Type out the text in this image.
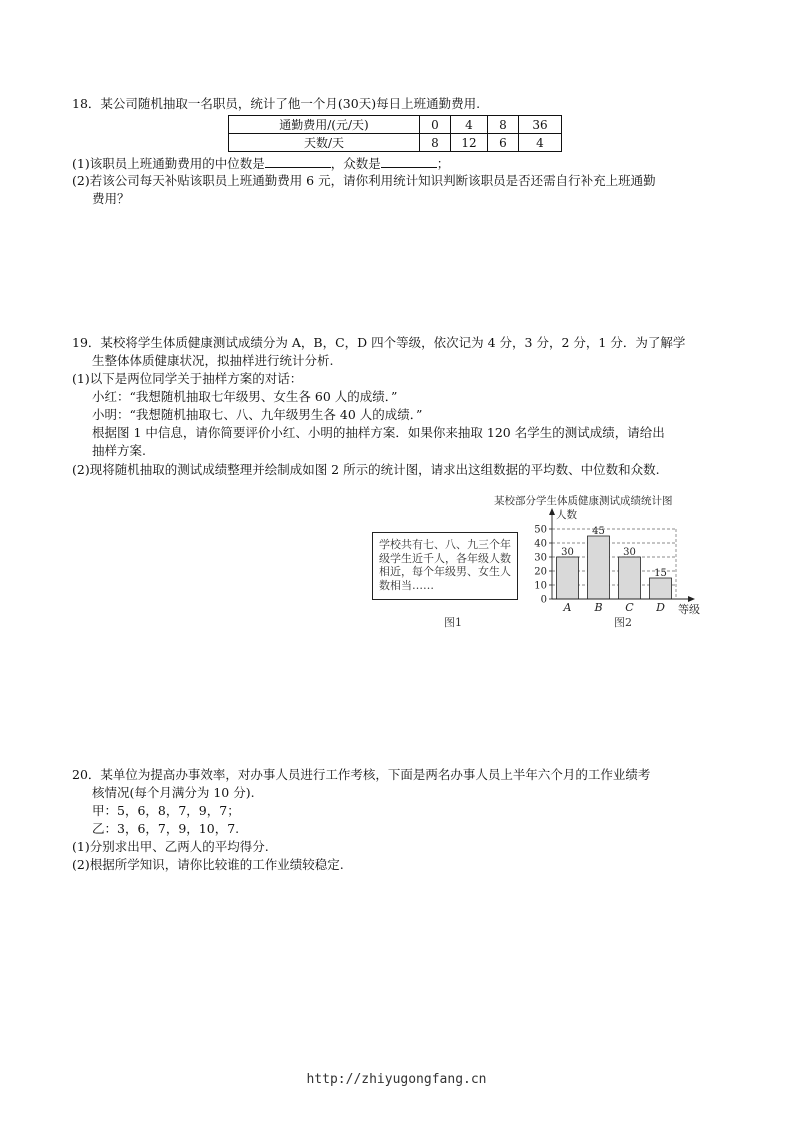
18．某公司随机抽取一名职员，统计了他一个月(30天)每日上班通勤费用.
通勤费用/(元/天)	0	4	8	36
天数/天	8	12	6	4
(1)该职员上班通勤费用的中位数是	，众数是	；
(2)若该公司每天补贴该职员上班通勤费用 6 元，请你利用统计知识判断该职员是否还需自行补充上班通勤
费用？
19．某校将学生体质健康测试成绩分为 A，B，C，D 四个等级，依次记为 4 分，3 分，2 分，1 分．为了解学
生整体体质健康状况，拟抽样进行统计分析.
(1)以下是两位同学关于抽样方案的对话：
小红：“我想随机抽取七年级男、女生各 60 人的成绩．”
小明：“我想随机抽取七、八、九年级男生各 40 人的成绩．”
根据图 1 中信息，请你简要评价小红、小明的抽样方案．如果你来抽取 120 名学生的测试成绩，请给出
抽样方案.
(2)现将随机抽取的测试成绩整理并绘制成如图 2 所示的统计图，请求出这组数据的平均数、中位数和众数.
学校共有七、八、九三个年级学生近千人，各年级人数相近，每个年级男、女生人数相当……
图1	图2
某校部分学生体质健康测试成绩统计图
人数
0
10
20
30
40
50
30
A
45
B
30
C
15
D 等级
20．某单位为提高办事效率，对办事人员进行工作考核，下面是两名办事人员上半年六个月的工作业绩考
核情况(每个月满分为 10 分).
甲：5，6，8，7，9，7；
乙：3，6，7，9，10，7.
(1)分别求出甲、乙两人的平均得分.
(2)根据所学知识，请你比较谁的工作业绩较稳定.
http://zhiyugongfang.cn
